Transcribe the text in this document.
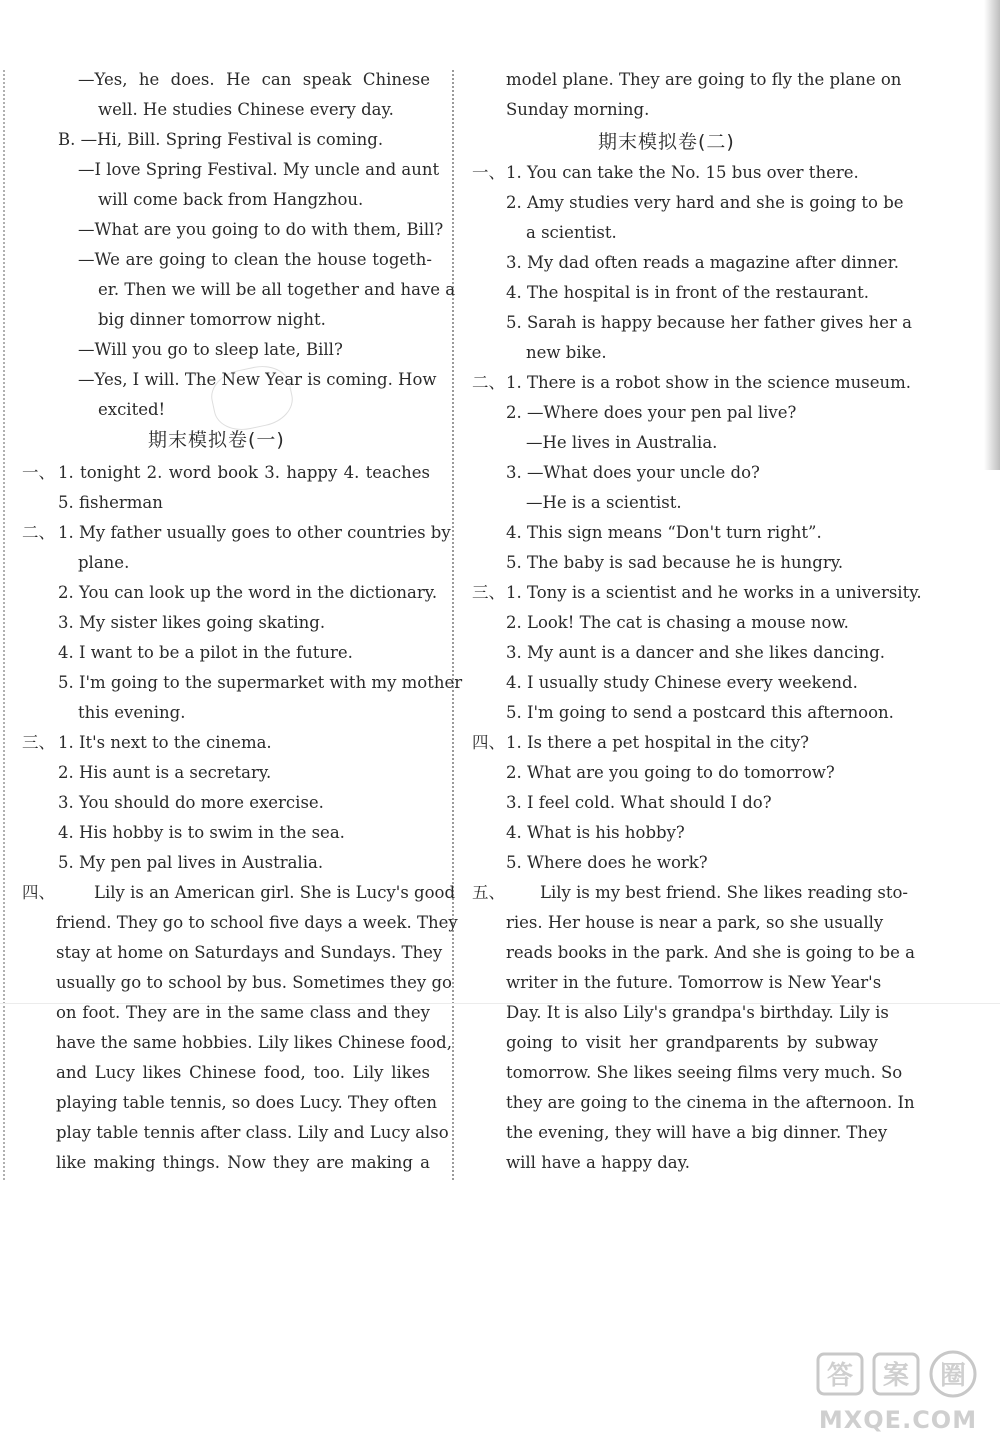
—Yes, he does. He can speak Chinese
well. He studies Chinese every day.
B. —Hi, Bill. Spring Festival is coming.
—I love Spring Festival. My uncle and aunt
will come back from Hangzhou.
—What are you going to do with them, Bill?
—We are going to clean the house togeth-
er. Then we will be all together and have a
big dinner tomorrow night.
—Will you go to sleep late, Bill?
—Yes, I will. The New Year is coming. How
excited!
期末模拟卷(一)
一、 1. tonight 2. word book 3. happy 4. teaches
5. fisherman
二、 1. My father usually goes to other countries by
plane.
2. You can look up the word in the dictionary.
3. My sister likes going skating.
4. I want to be a pilot in the future.
5. I'm going to the supermarket with my mother
this evening.
三、 1. It's next to the cinema.
2. His aunt is a secretary.
3. You should do more exercise.
4. His hobby is to swim in the sea.
5. My pen pal lives in Australia.
四、 Lily is an American girl. She is Lucy's good
friend. They go to school five days a week. They
stay at home on Saturdays and Sundays. They
usually go to school by bus. Sometimes they go
on foot. They are in the same class and they
have the same hobbies. Lily likes Chinese food,
and Lucy likes Chinese food, too. Lily likes
playing table tennis, so does Lucy. They often
play table tennis after class. Lily and Lucy also
like making things. Now they are making a
model plane. They are going to fly the plane on
Sunday morning.
期末模拟卷(二)
一、 1. You can take the No. 15 bus over there.
2. Amy studies very hard and she is going to be
a scientist.
3. My dad often reads a magazine after dinner.
4. The hospital is in front of the restaurant.
5. Sarah is happy because her father gives her a
new bike.
二、 1. There is a robot show in the science museum.
2. —Where does your pen pal live?
—He lives in Australia.
3. —What does your uncle do?
—He is a scientist.
4. This sign means “Don't turn right”.
5. The baby is sad because he is hungry.
三、 1. Tony is a scientist and he works in a university.
2. Look! The cat is chasing a mouse now.
3. My aunt is a dancer and she likes dancing.
4. I usually study Chinese every weekend.
5. I'm going to send a postcard this afternoon.
四、 1. Is there a pet hospital in the city?
2. What are you going to do tomorrow?
3. I feel cold. What should I do?
4. What is his hobby?
5. Where does he work?
五、 Lily is my best friend. She likes reading sto-
ries. Her house is near a park, so she usually
reads books in the park. And she is going to be a
writer in the future. Tomorrow is New Year's
Day. It is also Lily's grandpa's birthday. Lily is
going to visit her grandparents by subway
tomorrow. She likes seeing films very much. So
they are going to the cinema in the afternoon. In
the evening, they will have a big dinner. They
will have a happy day.
答 案 圈
MXQE.COM
